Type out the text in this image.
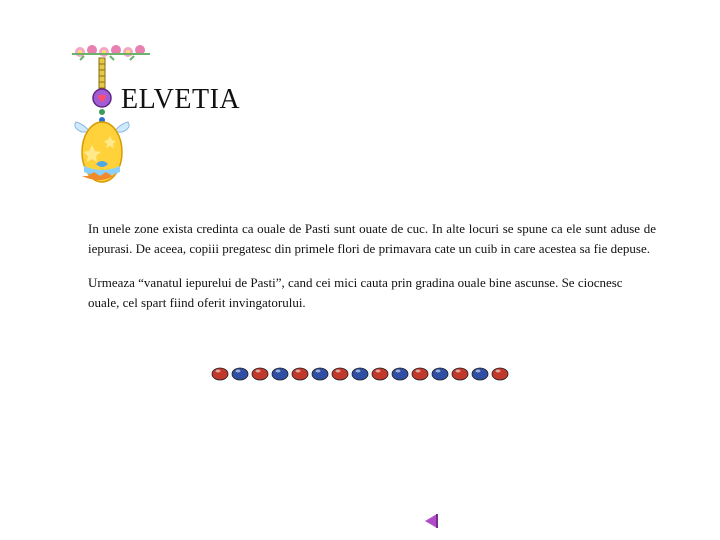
ELVETIA

In unele zone exista credinta ca ouale de Pasti sunt ouate de cuc. In alte locuri se spune ca ele sunt aduse de iepurasi. De aceea, copiii pregatesc din primele flori de primavara cate un cuib in care acestea sa fie depuse.

Urmeaza “vanatul iepurelui de Pasti”, cand cei mici cauta prin gradina ouale bine ascunse. Se ciocnesc ouale, cel spart fiind oferit invingatorului.
